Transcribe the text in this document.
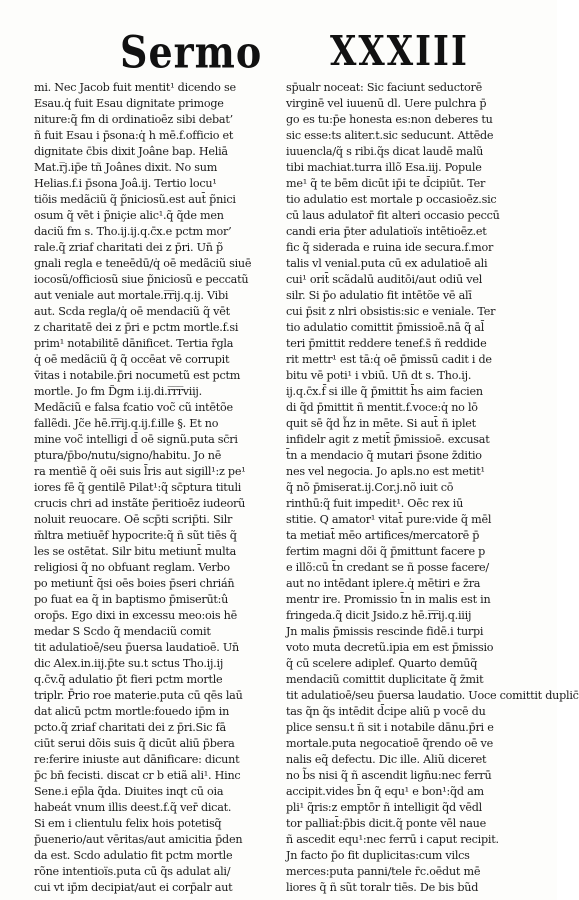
Sermo XXXIII
mi. Nec Jacob fuit mentit¹ dicendo se
Esau.q̇ fuit Esau dignitate primoge
niture:q̃ fm di ordinatioēz sibi debat’
ñ fuit Esau i p̄sona:q̇ h mē.f.officio et
dignitate c̄bis dixit Joâne bap. Heliā
Mat.r̅j.ip̄e tñ Joânes dixit. No sum
Helias.f.i p̄sona Joâ.ij. Tertio locu¹
tiõis medãciũ q̃ p̃niciosũ.est aut̄ p̃nici
osum q̃ vēt i p̃niçie alic¹.q̃ q̃de men
daciũ fm s. Tho.ij.ij.q.c̄x.e pctm mor’
rale.q̃ zriaf charitati dei z p̄ri. Un̄ p̃
gnali regla e teneēdū/q̇ oē medãciũ siuē
iocosũ/officiosũ siue p̃niciosũ e peccatũ
aut veniale aut mortale.r̅r̅ij.q.ij. Vibi
aut. Scda regla/q̇ oē mendaciũ q̃ vēt
z charitatē dei z p̄ri e pctm mortle.f.si
prim¹ notabilitē dānificet. Tertia r̄gla
q̇ oē medãciũ q̃ q̃ occēat vē corrupit
v̄itas i notabile.p̄ri nocumetũ est pctm
mortle. Jo fm D̃gm i.ij.di.r̅r̅r̅viij.
Medãciũ e falsa fcatio voc̃ cũ intētõe
fallẽdi. Jc̃e hē.r̅r̅ij.q.ij.f.ille §. Et no
mine voc̃ intelligi d̄ oē signũ.puta sc̄ri
ptura/p̄bo/nutu/signo/habitu. Jo nē
ra mentìē q̃ oēi suis l̄ris aut sigill¹:z pe¹
iores fē q̃ gentilē Pilat¹:q̃ sc̄ptura tituli
crucis chri ad instãte p̄eritioēz iudeorũ
noluit reuocare. Oē scp̄ti scrip̄ti. Silr
m̄ltra metiuēf hypocrite:q̃ ñ sũt tiēs q̃
les se ostētat. Silr bitu metiunt̄ multa
religiosi q̃ no obfuant reglam. Verbo
po metiunt̄ q̃si oēs boies p̄seri chrián̄
po fuat ea q̃ in baptismo p̄miserūt:û
orop̄s. Ego dixi in excessu meo:ois hē
medar S Scdo q̃ mendaciũ comit
tit adulatioē/seu p̄uersa laudatioē. Un̄
dic Alex.in.iij.p̄te su.t sctus Tho.ij.ij
q.c̄v.q̃ adulatio p̄t fieri pctm mortle
triplr. P̄rio roe materie.puta cū qēs laū
dat alicū pctm mortle:fouedo ip̄m in
pcto.q̃ zriaf charitati dei z p̄ri.Sic fā
ciūt serui dõis suis q̃ dicūt aliū p̄bera
re:ferire iniuste aut dānificare: dicunt
p̄c bn̄ fecisti. discat cr b etiã ali¹. Hinc
Sene.i ep̄la q̃da. Diuites inqt cū oia
habeát vnum illis deest.f.q̃ ver̄ dicat.
Si em i clientulu felix hois potetisq̃
p̄uenerio/aut vēritas/aut amicitia p̄den
da est. Scdo adulatio fit pctm mortle
rõne intentioïs.puta cū q̃s adulat ali/
cui vt ip̄m decipiat/aut ei corp̄alr aut
sp̄ualr noceat: Sic faciunt seductorē
virginē vel iuuenū dl. Uere pulchra p̄
go es tu:p̄e honesta es:non deberes tu
sic esse:ts aliter.t.sic seducunt. Attēde
iuuencla/q̃ s ribi.q̃s dicat laudē malũ
tibi machiat.turra illõ Esa.iij. Popule
me¹ q̃ te bēm dicūt ip̄i te d̄cipiūt. Ter
tio adulatio est mortale p occasioēz.sic
cū laus adulator̄ fit alteri occasio peccū
candi eria p̄ter adulatioïs intētioēz.et
fic q̃ siderada e ruina ide secura.f.mor
talis vl venial.puta cū ex adulatioē ali
cui¹ orit̄ scãdalū auditōi/aut odiū vel
silr. Si p̄o adulatio fit intētõe vē alī
cui p̄sit z nlri obsistis:sic e veniale. Ter
tio adulatio comittit p̄missioē.nā q̃ al̄
teri p̄mittit reddere tenef.s̄ ñ reddide
rit mettr¹ est tā:q̇ oē p̄missū cadit i de
bitu vē poti¹ i vbiū. Un̄ dt s. Tho.ij.
ij.q.c̄x.f̄ si ille q̃ p̄mittit h̄s aim facien
di q̃d p̄mittit ñ mentit.f.voce:q̇ no lō
quit sē q̃d h̃z in mēte. Si aut̄ ñ iplet
infidelr agit z metit̄ p̄missioē. excusat
t̄n a mendacio q̃ mutari p̄sone z̄ditio
nes vel negocia. Jo apls.no est metit¹
q̃ nõ p̄miserat.ij.Cor.j.nõ iuit cō
rinthū:q̃ fuit impedit¹. Oēc rex iū
stitie. Q amator¹ vitat̄ pure:vide q̃ mēl
ta metiat̄ mēo artifices/mercatorē p̄
fertim magni dõi q̃ p̄mittunt facere p
e illõ:cū t̄n credant se ñ posse facere/
aut no intēdant iplere.q̇ mētiri e z̄ra
mentr ire. Promissio t̄n in malis est in
fringeda.q̃ dicit Jsido.z hē.r̅r̅ij.q.iiij
Jn malis p̄missis rescinde fidē.i turpi
voto muta decretũ.ipia em est p̄missio
q̃ cū scelere adiplef. Quarto demūq̃
mendaciũ comittit duplicitate q̃ z̄mit
tit adulatioē/seu p̄uersa laudatio. Uoce comittit duplic̄
tas q̃n q̃s intēdit d̄cipe aliũ p vocē du
plice sensu.t ñ sit i notabile dānu.p̄ri e
mortale.puta negocatioē q̃rendo oē ve
nalis eq̃ defectu. Dic ille. Aliũ diceret
no b̃s nisi q̃ ñ ascendit lign̄u:nec ferrū
accipit.vides b̄n q̃ equ¹ e bon¹:q̃d am
pli¹ q̃ris:z emptōr ñ intelligit q̃d vēdl
tor palliat̄:p̄bis dicit.q̃ ponte vēl naue
ñ ascedit equ¹:nec ferrū i caput recipit.
Jn facto p̄o fit duplicitas:cum vilcs
merces:puta panni/tele r̄c.oēdut mē
liores q̃ ñ sũt toralr tiēs. De bis bũd
